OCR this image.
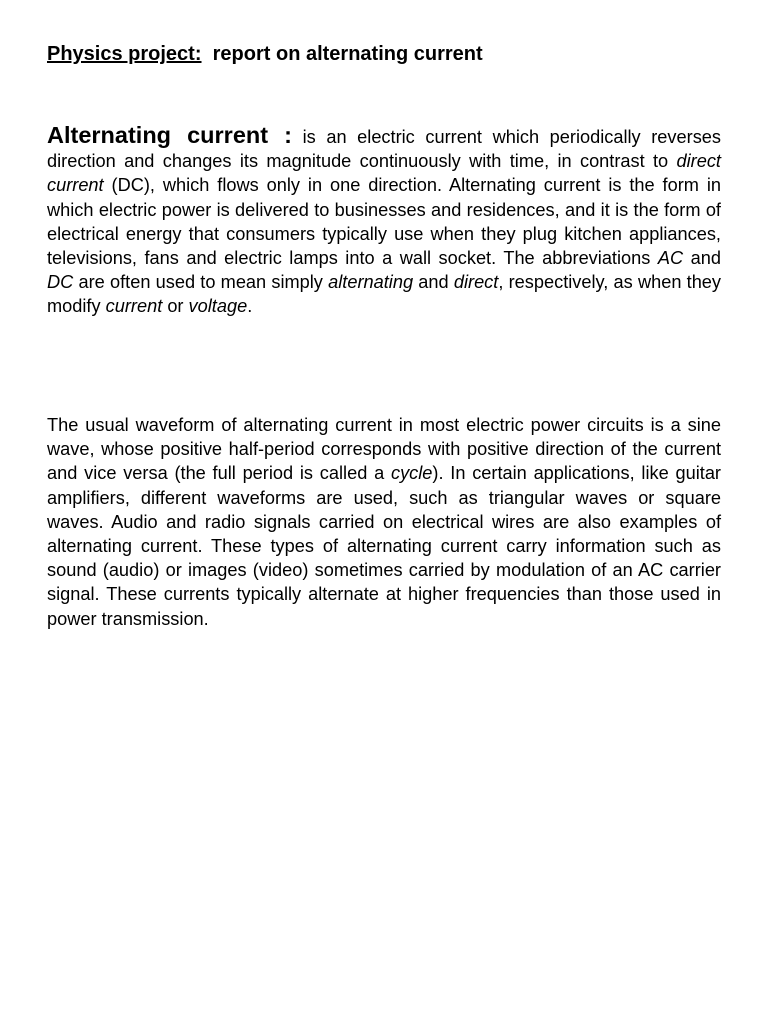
Physics project: report on alternating current

Alternating current : is an electric current which periodically reverses direction and changes its magnitude continuously with time, in contrast to direct current (DC), which flows only in one direction. Alternating current is the form in which electric power is delivered to businesses and residences, and it is the form of electrical energy that consumers typically use when they plug kitchen appliances, televisions, fans and electric lamps into a wall socket. The abbreviations AC and DC are often used to mean simply alternating and direct, respectively, as when they modify current or voltage.

The usual waveform of alternating current in most electric power circuits is a sine wave, whose positive half-period corresponds with positive direction of the current and vice versa (the full period is called a cycle). In certain applications, like guitar amplifiers, different waveforms are used, such as triangular waves or square waves. Audio and radio signals carried on electrical wires are also examples of alternating current. These types of alternating current carry information such as sound (audio) or images (video) sometimes carried by modulation of an AC carrier signal. These currents typically alternate at higher frequencies than those used in power transmission.
